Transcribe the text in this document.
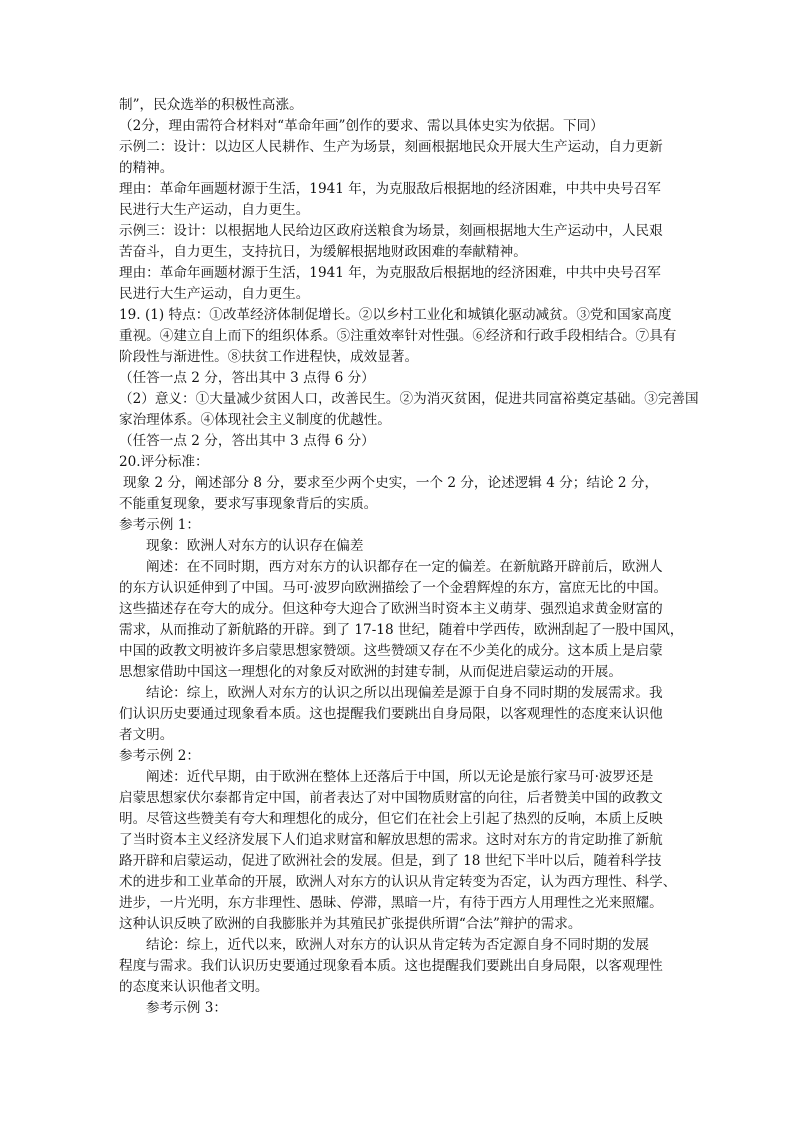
制”，民众选举的积极性高涨。
（2分，理由需符合材料对“革命年画”创作的要求、需以具体史实为依据。下同）
示例二：设计：以边区人民耕作、生产为场景，刻画根据地民众开展大生产运动，自力更新
的精神。
理由：革命年画题材源于生活，1941 年，为克服敌后根据地的经济困难，中共中央号召军
民进行大生产运动，自力更生。
示例三：设计：以根据地人民给边区政府送粮食为场景，刻画根据地大生产运动中，人民艰
苦奋斗，自力更生，支持抗日，为缓解根据地财政困难的奉献精神。
理由：革命年画题材源于生活，1941 年，为克服敌后根据地的经济困难，中共中央号召军
民进行大生产运动，自力更生。
19. (1) 特点：①改革经济体制促增长。②以乡村工业化和城镇化驱动减贫。③党和国家高度
重视。④建立自上而下的组织体系。⑤注重效率针对性强。⑥经济和行政手段相结合。⑦具有
阶段性与渐进性。⑧扶贫工作进程快，成效显著。
（任答一点 2 分，答出其中 3 点得 6 分）
（2）意义：①大量减少贫困人口，改善民生。②为消灭贫困，促进共同富裕奠定基础。③完善国
家治理体系。④体现社会主义制度的优越性。
（任答一点 2 分，答出其中 3 点得 6 分）
20.评分标准：
现象 2 分，阐述部分 8 分，要求至少两个史实，一个 2 分，论述逻辑 4 分；结论 2 分，
不能重复现象，要求写事现象背后的实质。
参考示例 1：
现象：欧洲人对东方的认识存在偏差
阐述：在不同时期，西方对东方的认识都存在一定的偏差。在新航路开辟前后，欧洲人
的东方认识延伸到了中国。马可·波罗向欧洲描绘了一个金碧辉煌的东方，富庶无比的中国。
这些描述存在夸大的成分。但这种夸大迎合了欧洲当时资本主义萌芽、强烈追求黄金财富的
需求，从而推动了新航路的开辟。到了 17-18 世纪，随着中学西传，欧洲刮起了一股中国风，
中国的政教文明被许多启蒙思想家赞颂。这些赞颂又存在不少美化的成分。这本质上是启蒙
思想家借助中国这一理想化的对象反对欧洲的封建专制，从而促进启蒙运动的开展。
结论：综上，欧洲人对东方的认识之所以出现偏差是源于自身不同时期的发展需求。我
们认识历史要通过现象看本质。这也提醒我们要跳出自身局限，以客观理性的态度来认识他
者文明。
参考示例 2：
阐述：近代早期，由于欧洲在整体上还落后于中国，所以无论是旅行家马可·波罗还是
启蒙思想家伏尔泰都肯定中国，前者表达了对中国物质财富的向往，后者赞美中国的政教文
明。尽管这些赞美有夸大和理想化的成分，但它们在社会上引起了热烈的反响，本质上反映
了当时资本主义经济发展下人们追求财富和解放思想的需求。这时对东方的肯定助推了新航
路开辟和启蒙运动，促进了欧洲社会的发展。但是，到了 18 世纪下半叶以后，随着科学技
术的进步和工业革命的开展，欧洲人对东方的认识从肯定转变为否定，认为西方理性、科学、
进步，一片光明，东方非理性、愚昧、停滞，黑暗一片，有待于西方人用理性之光来照耀。
这种认识反映了欧洲的自我膨胀并为其殖民扩张提供所谓“合法”辩护的需求。
结论：综上，近代以来，欧洲人对东方的认识从肯定转为否定源自身不同时期的发展
程度与需求。我们认识历史要通过现象看本质。这也提醒我们要跳出自身局限，以客观理性
的态度来认识他者文明。
参考示例 3：
